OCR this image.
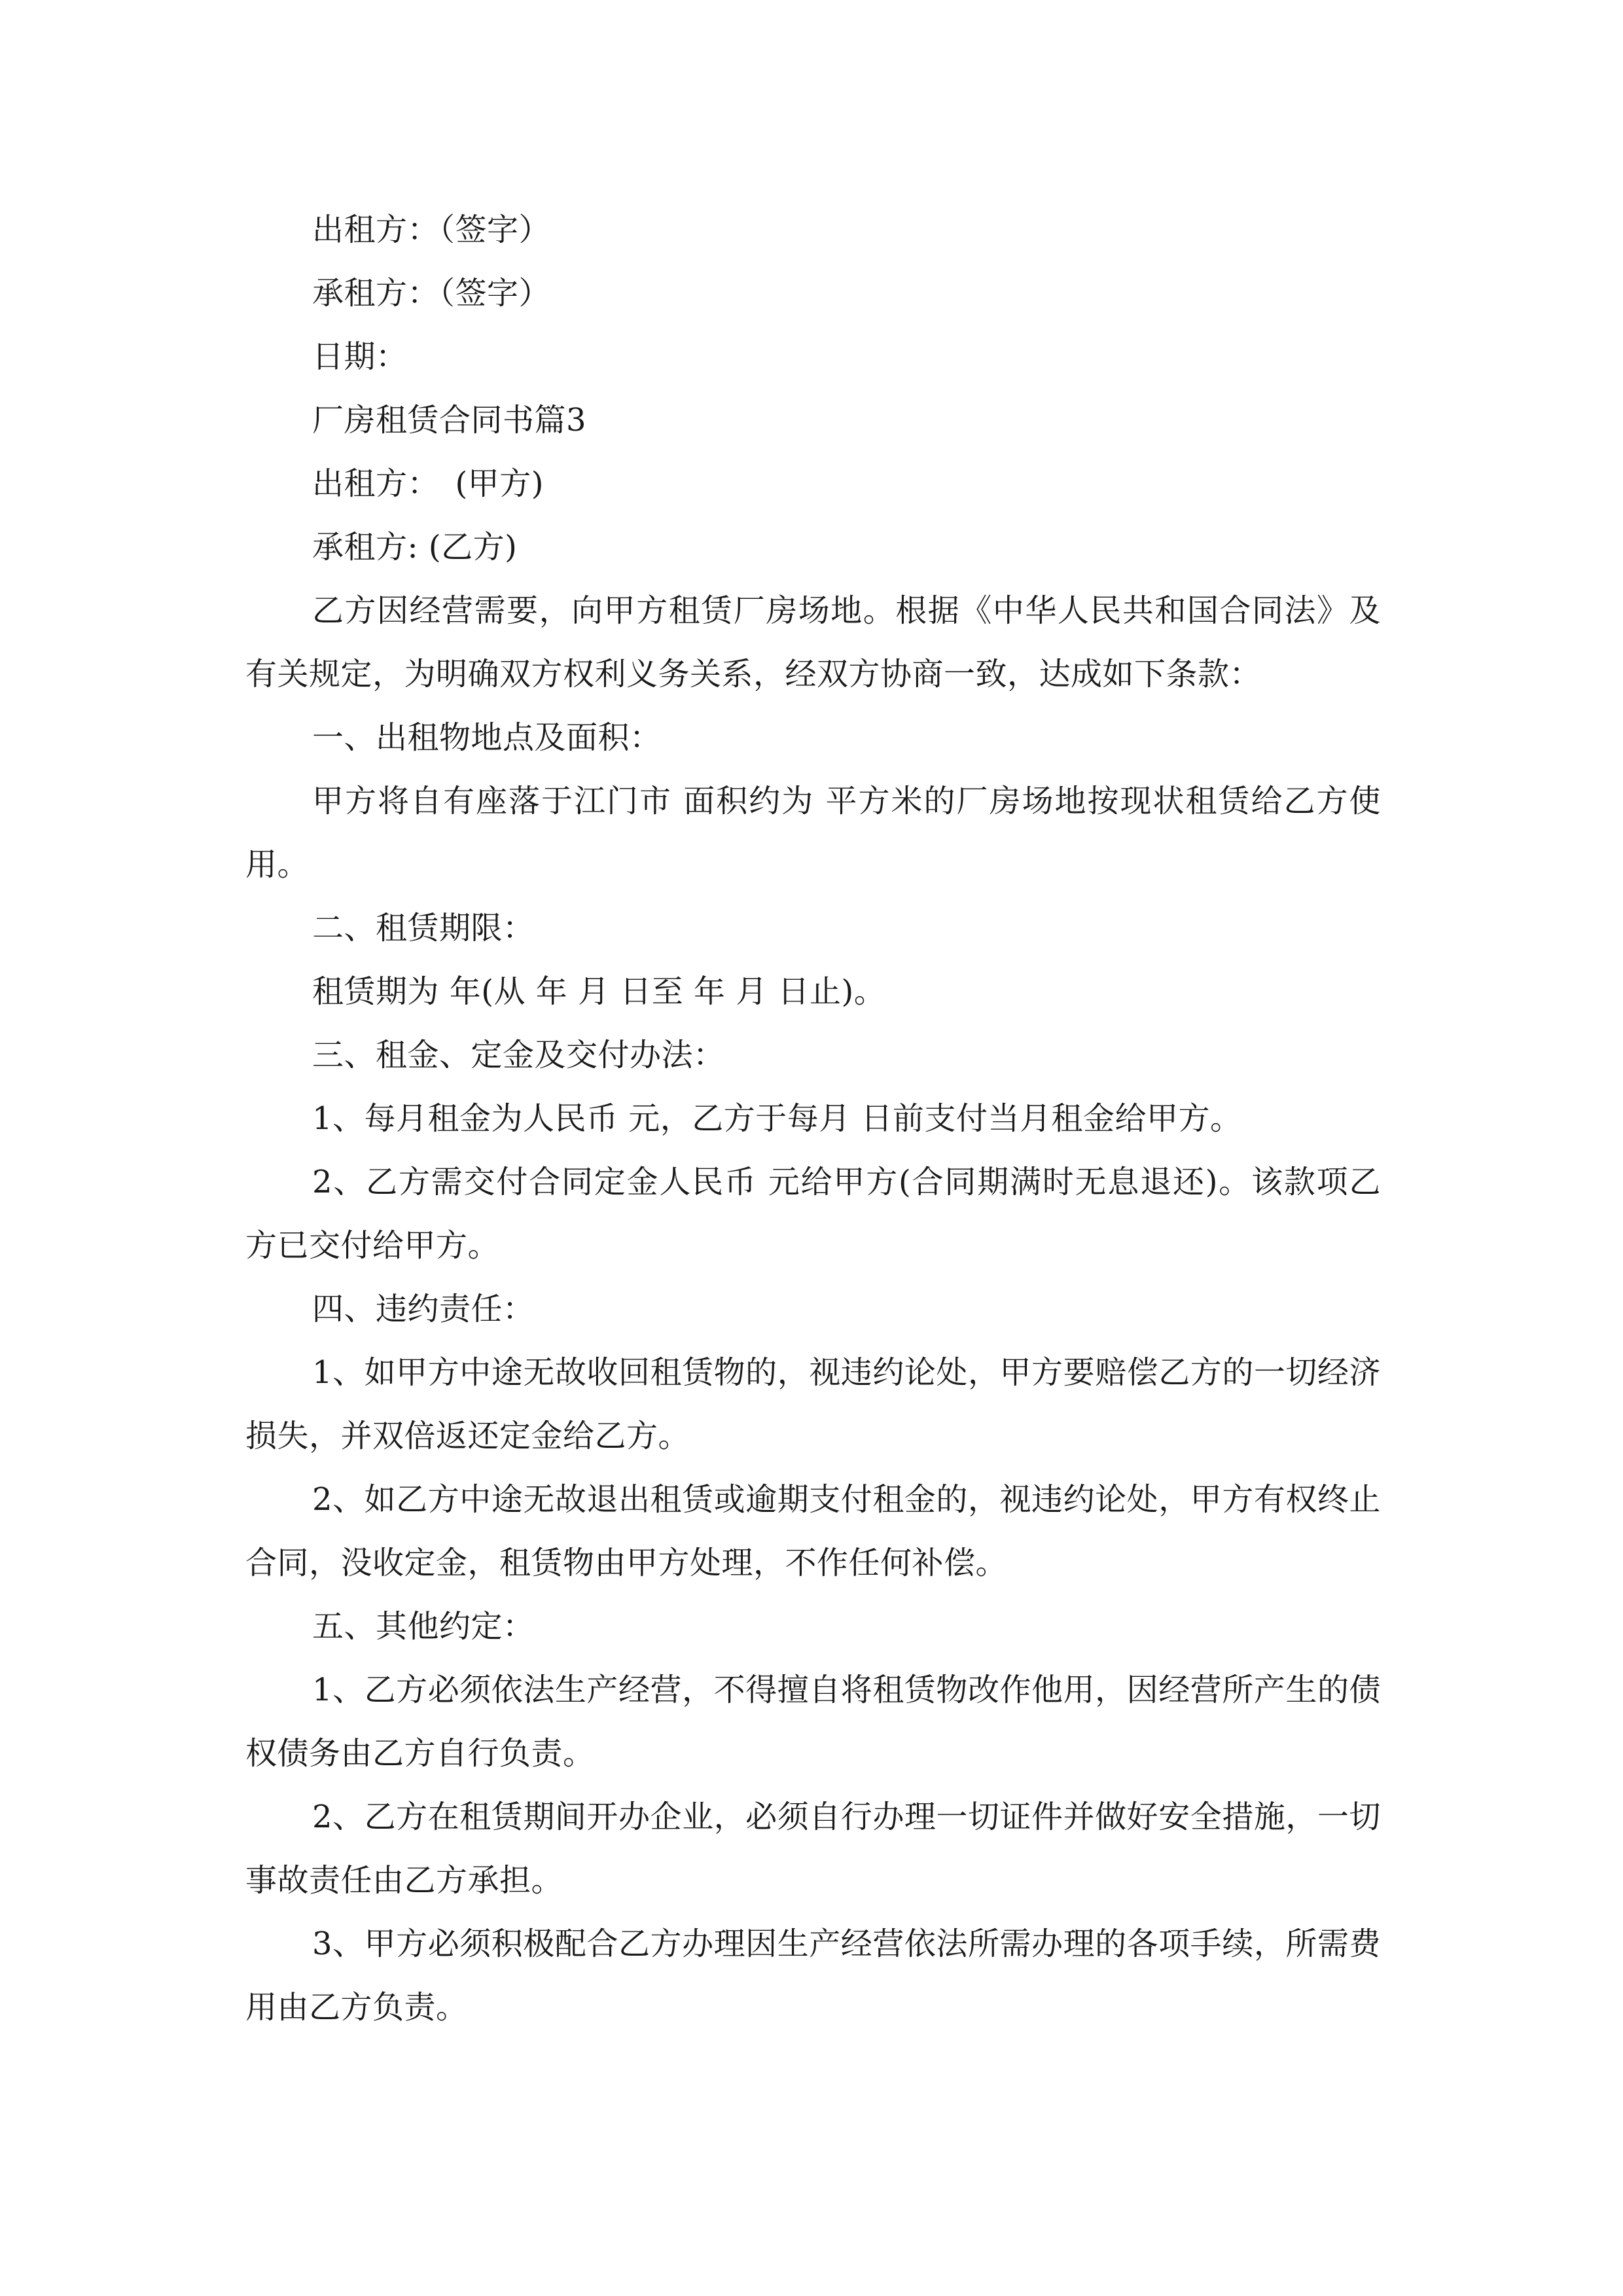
出租方：（签字）

承租方：（签字）

日期：

厂房租赁合同书篇3

出租方：　(甲方)

承租方: (乙方)

乙方因经营需要，向甲方租赁厂房场地。根据《中华人民共和国合同法》及有关规定，为明确双方权利义务关系，经双方协商一致，达成如下条款：

一、出租物地点及面积：

甲方将自有座落于江门市 面积约为 平方米的厂房场地按现状租赁给乙方使用。

二、租赁期限：

租赁期为 年(从 年 月 日至 年 月 日止)。

三、租金、定金及交付办法：

1、每月租金为人民币 元，乙方于每月 日前支付当月租金给甲方。

2、乙方需交付合同定金人民币 元给甲方(合同期满时无息退还)。该款项乙方已交付给甲方。

四、违约责任：

1、如甲方中途无故收回租赁物的，视违约论处，甲方要赔偿乙方的一切经济损失，并双倍返还定金给乙方。

2、如乙方中途无故退出租赁或逾期支付租金的，视违约论处，甲方有权终止合同，没收定金，租赁物由甲方处理，不作任何补偿。

五、其他约定：

1、乙方必须依法生产经营，不得擅自将租赁物改作他用，因经营所产生的债权债务由乙方自行负责。

2、乙方在租赁期间开办企业，必须自行办理一切证件并做好安全措施，一切事故责任由乙方承担。

3、甲方必须积极配合乙方办理因生产经营依法所需办理的各项手续，所需费用由乙方负责。
